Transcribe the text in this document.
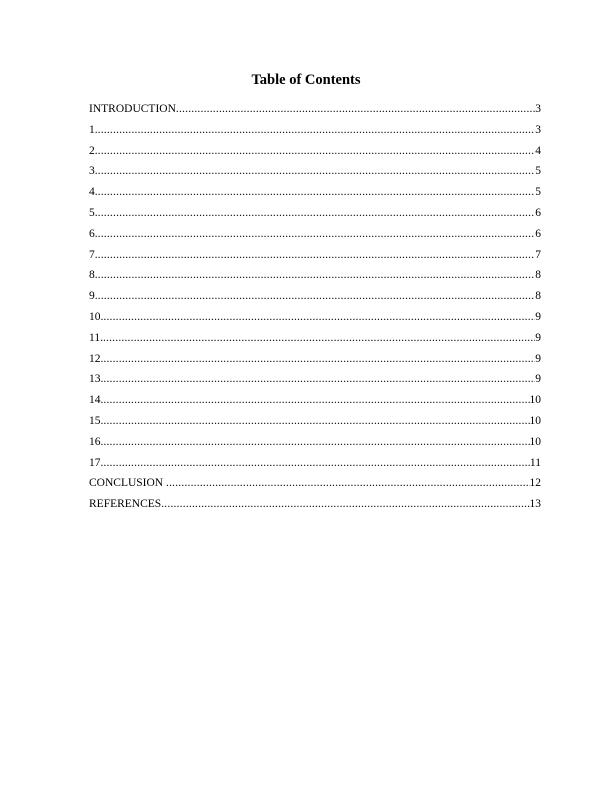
Table of Contents
INTRODUCTION .....	3
1. .....	3
2. .....	4
3. .....	5
4. .....	5
5. .....	6
6. .....	6
7. .....	7
8. .....	8
9. .....	8
10. .....	9
11. .....	9
12. .....	9
13. .....	9
14. .....	10
15. .....	10
16. .....	10
17. .....	11
CONCLUSION .....	12
REFERENCES .....	13
